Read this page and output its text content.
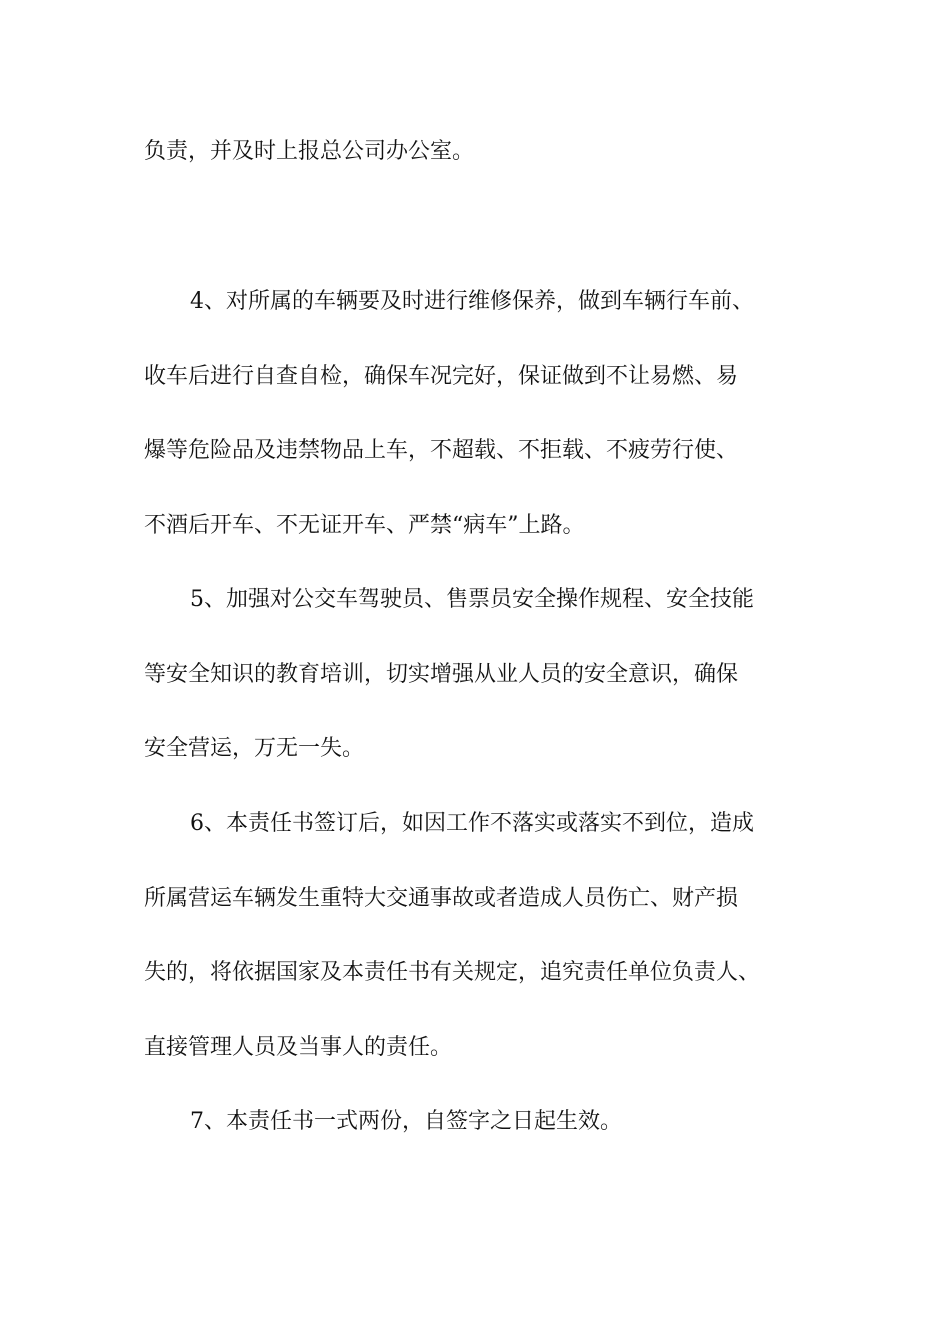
负责，并及时上报总公司办公室。
4、对所属的车辆要及时进行维修保养，做到车辆行车前、
收车后进行自查自检，确保车况完好，保证做到不让易燃、易
爆等危险品及违禁物品上车，不超载、不拒载、不疲劳行使、
不酒后开车、不无证开车、严禁“病车”上路。
5、加强对公交车驾驶员、售票员安全操作规程、安全技能
等安全知识的教育培训，切实增强从业人员的安全意识，确保
安全营运，万无一失。
6、本责任书签订后，如因工作不落实或落实不到位，造成
所属营运车辆发生重特大交通事故或者造成人员伤亡、财产损
失的，将依据国家及本责任书有关规定，追究责任单位负责人、
直接管理人员及当事人的责任。
7、本责任书一式两份，自签字之日起生效。
